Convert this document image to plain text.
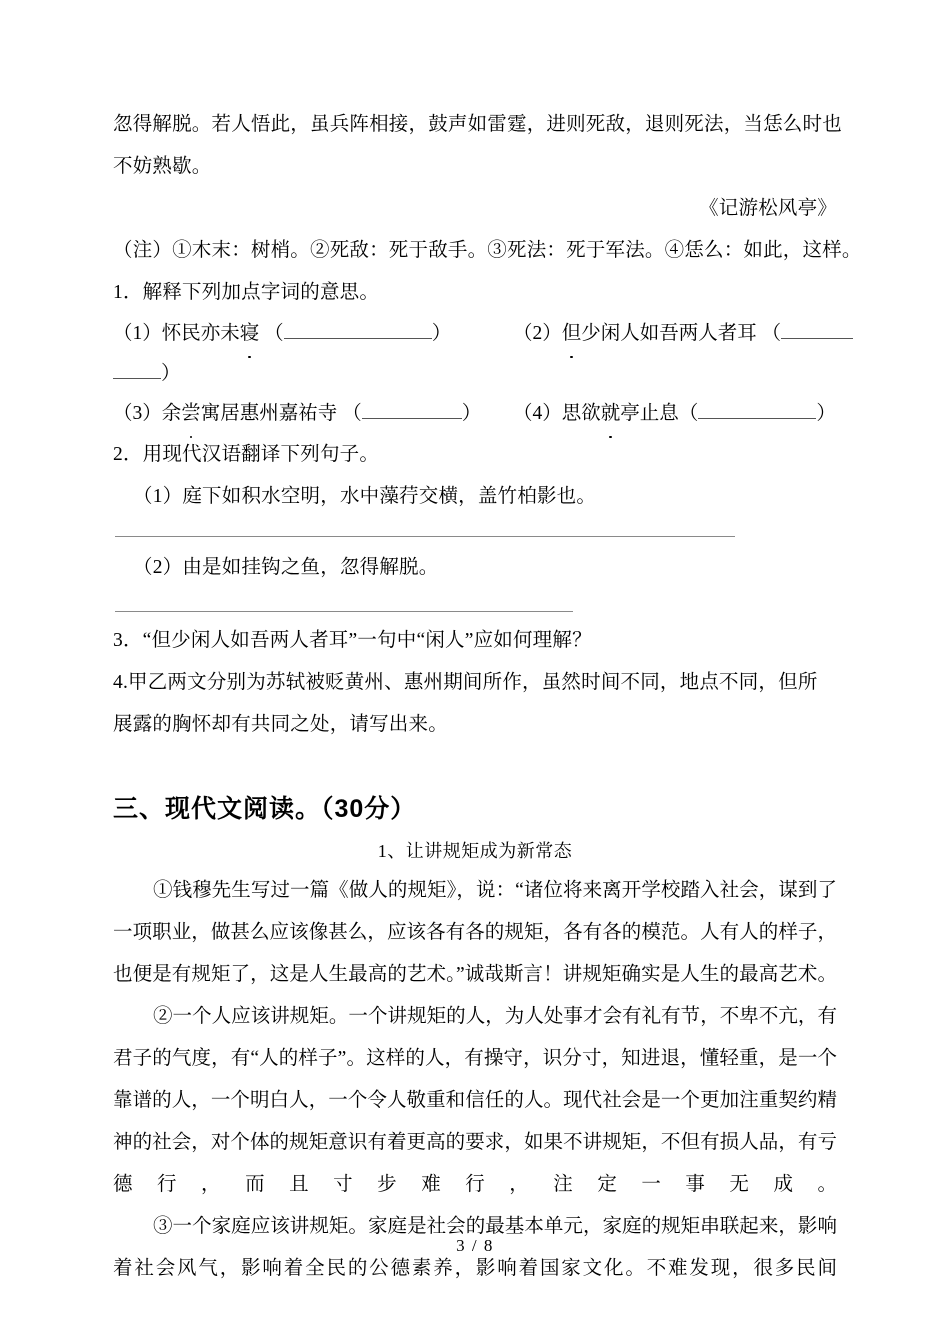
忽得解脱。若人悟此，虽兵阵相接，鼓声如雷霆，进则死敌，退则死法，当恁么时也
不妨熟歇。
《记游松风亭》
（注）①木末：树梢。②死敌：死于敌手。③死法：死于军法。④恁么：如此，这样。
1．解释下列加点字词的意思。
（1）怀民亦未寝 （	）	（2）但少闲人如吾两人者耳 （
）
（3）余尝寓居惠州嘉祐寺 （	） （4）思欲就亭止息（	）
2．用现代汉语翻译下列句子。
（1）庭下如积水空明，水中藻荇交横，盖竹柏影也。
（2）由是如挂钩之鱼，忽得解脱。
3．“但少闲人如吾两人者耳”一句中“闲人”应如何理解？
4.甲乙两文分别为苏轼被贬黄州、惠州期间所作，虽然时间不同，地点不同，但所
展露的胸怀却有共同之处，请写出来。
三、现代文阅读。（30分）
1、让讲规矩成为新常态
①钱穆先生写过一篇《做人的规矩》，说：“诸位将来离开学校踏入社会，谋到了一项职业，做甚么应该像甚么，应该各有各的规矩，各有各的模范。人有人的样子，也便是有规矩了，这是人生最高的艺术。”诚哉斯言！讲规矩确实是人生的最高艺术。
②一个人应该讲规矩。一个讲规矩的人，为人处事才会有礼有节，不卑不亢，有君子的气度，有“人的样子”。这样的人，有操守，识分寸，知进退，懂轻重，是一个靠谱的人，一个明白人，一个令人敬重和信任的人。现代社会是一个更加注重契约精神的社会，对个体的规矩意识有着更高的要求，如果不讲规矩，不但有损人品，有亏德行，而且寸步难行，注定一事无成。
③一个家庭应该讲规矩。家庭是社会的最基本单元，家庭的规矩串联起来，影响着社会风气，影响着全民的公德素养，影响着国家文化。不难发现，很多民间
3 / 8
